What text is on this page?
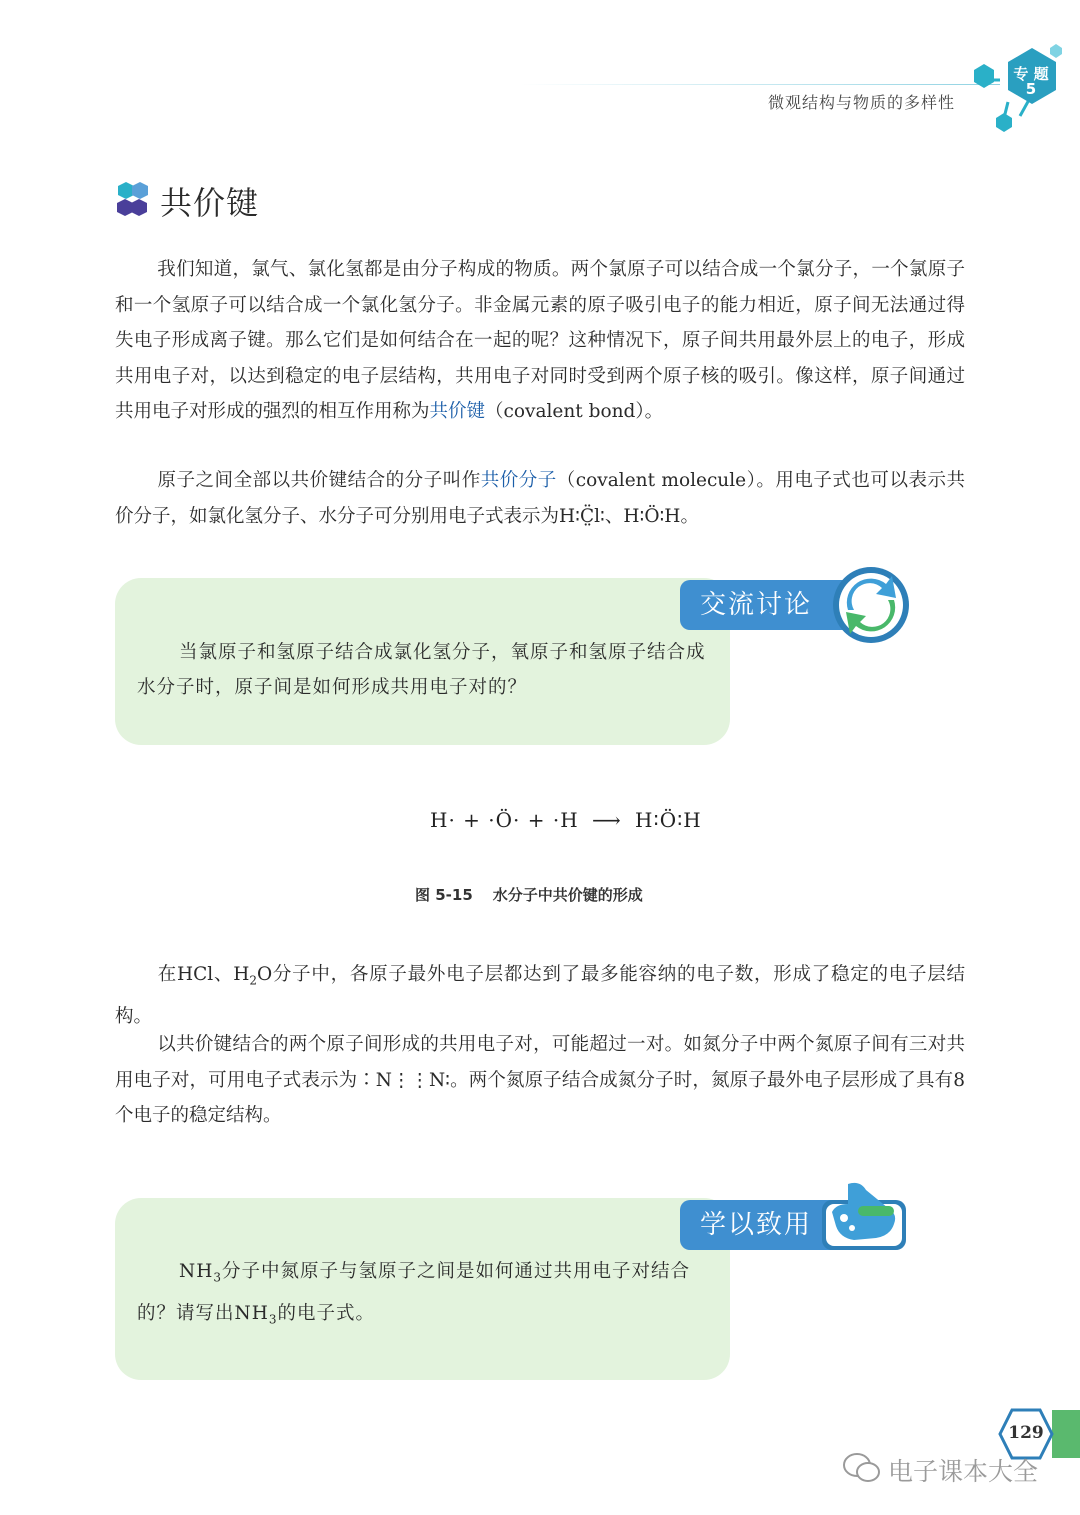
微观结构与物质的多样性
专 题
5
共价键

我们知道，氯气、氯化氢都是由分子构成的物质。两个氯原子可以结合成一个氯分子，一个氯原子和一个氢原子可以结合成一个氯化氢分子。非金属元素的原子吸引电子的能力相近，原子间无法通过得失电子形成离子键。那么它们是如何结合在一起的呢？这种情况下，原子间共用最外层上的电子，形成共用电子对，以达到稳定的电子层结构，共用电子对同时受到两个原子核的吸引。像这样，原子间通过共用电子对形成的强烈的相互作用称为共价键（covalent bond）。

原子之间全部以共价键结合的分子叫作共价分子（covalent molecule）。用电子式也可以表示共价分子，如氯化氢分子、水分子可分别用电子式表示为H∶C̤̈l∶、H∶Ö∶H。

交流讨论

当氯原子和氢原子结合成氯化氢分子，氧原子和氢原子结合成水分子时，原子间是如何形成共用电子对的？

H· + ·Ö· + ·H ⟶ H∶Ö∶H
图 5-15 水分子中共价键的形成

在HCl、$H_2O$分子中，各原子最外电子层都达到了最多能容纳的电子数，形成了稳定的电子层结构。

以共价键结合的两个原子间形成的共用电子对，可能超过一对。如氮分子中两个氮原子间有三对共用电子对，可用电子式表示为∶N⋮⋮N∶。两个氮原子结合成氮分子时，氮原子最外电子层形成了具有8个电子的稳定结构。

学以致用

$NH_3$分子中氮原子与氢原子之间是如何通过共用电子对结合的？请写出$NH_3$的电子式。

129
电子课本大全
